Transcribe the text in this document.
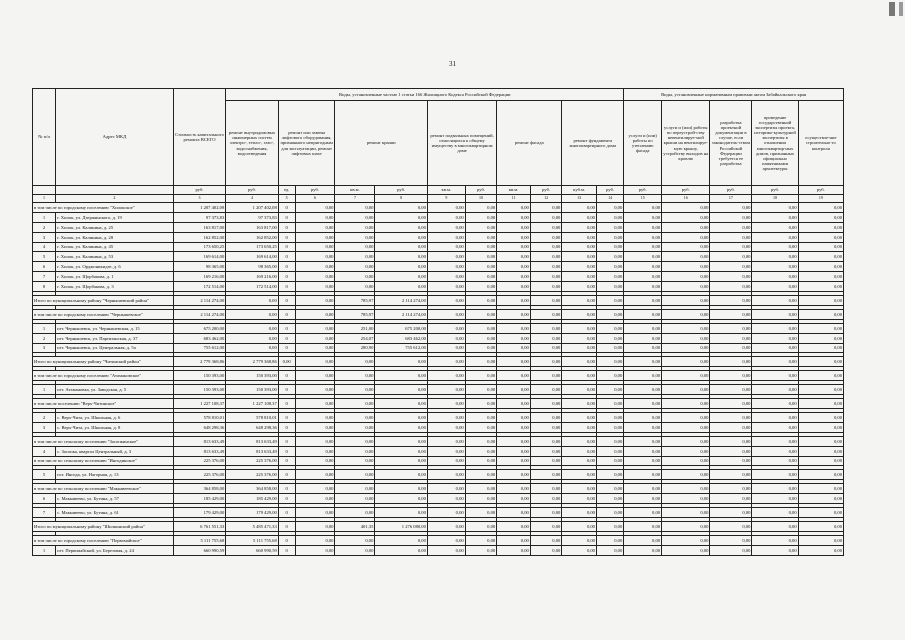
31
№ п/п	Адрес МКД	Стоимость капитального ремонта ВСЕГО	Виды, установленные частью 1 статьи 166 Жилищного Кодекса Российской Федерации											Виды, установленные нормативным правовым актом Забайкальского края				
			ремонт внутридомовых инженерных систем электро-, тепло-, газо-, водоснабжения, водоотведения	ремонт или замена лифтового оборудования, признанного непригодным для эксплуатации, ремонт лифтовых шахт		ремонт крыши		ремонт подвальных помещений, относящихся к общему имуществу в многоквартирном доме		ремонт фасада		ремонт фундамента многоквартирного дома		услуги и (или) работы по утеплению фасада	услуги и (или) работы по переустрой-ству невентилируе-мой крыши на вентилируе-мую крышу, устройству выходов на кровлю	разработка проектной документации в случае, если законодатель-ством Российской Федерации требуется ее разработка	проведение государственной экспертизы проекта, историко-культурной экспертизы в отношении многоквартир-ных домов, признанных официально памятниками архитектуры	осуществле-ние строительно-го контроля
		руб.	руб.	ед.	руб.	кв.м.	руб.	кв.м.	руб.	кв.м.	руб.	куб.м.	руб.	руб.	руб.	руб.	руб.	руб.
1	2	3	4	5	6	7	8	9	10	11	12	13	14	15	16	17	18	19
в том числе по городскому поселению "Хилокское"		1 207 402,08	1 207 402,08	0	0,00	0,00	0,00	0,00	0,00	0,00	0,00	0,00	0,00	0,00	0,00	0,00	0,00	0,00
1	г. Хилок, ул. Дзержинского, д. 19	97 373,83	97 373,83	0	0,00	0,00	0,00	0,00	0,00	0,00	0,00	0,00	0,00	0,00	0,00	0,00	0,00	0,00
2	г. Хилок, ул. Калинина, д. 25	163 817,00	163 817,00	0	0,00	0,00	0,00	0,00	0,00	0,00	0,00	0,00	0,00	0,00	0,00	0,00	0,00	0,00
3	г. Хилок, ул. Калинина, д. 28	162 852,00	162 852,00	0	0,00	0,00	0,00	0,00	0,00	0,00	0,00	0,00	0,00	0,00	0,00	0,00	0,00	0,00
4	г. Хилок, ул. Калинина, д. 45	173 650,25	173 650,25	0	0,00	0,00	0,00	0,00	0,00	0,00	0,00	0,00	0,00	0,00	0,00	0,00	0,00	0,00
5	г. Хилок, ул. Калинина, д. 53	169 614,00	169 614,00	0	0,00	0,00	0,00	0,00	0,00	0,00	0,00	0,00	0,00	0,00	0,00	0,00	0,00	0,00
6	г. Хилок, ул. Орджоникидзе, д. 6	98 365,00	98 365,00	0	0,00	0,00	0,00	0,00	0,00	0,00	0,00	0,00	0,00	0,00	0,00	0,00	0,00	0,00
7	г. Хилок, ул. Щорбакова, д. 1	169 216,00	169 216,00	0	0,00	0,00	0,00	0,00	0,00	0,00	0,00	0,00	0,00	0,00	0,00	0,00	0,00	0,00
8	г. Хилок, ул. Щорбакова, д. 3	172 514,00	172 514,00	0	0,00	0,00	0,00	0,00	0,00	0,00	0,00	0,00	0,00	0,00	0,00	0,00	0,00	0,00

Итого по муниципальному району "Чернышевский район"		2 114 274,00	0,00	0	0,00	785,97	2 114 274,00	0,00	0,00	0,00	0,00	0,00	0,00	0,00	0,00	0,00	0,00	0,00

в том числе по городскому поселению "Чернышевское"		2 114 274,00	0,00	0	0,00	785,97	2 114 274,00	0,00	0,00	0,00	0,00	0,00	0,00	0,00	0,00	0,00	0,00	0,00

1	пгт. Чернышевск, ул. Чернышевская, д. 15	675 200,00	0,00	0	0,00	251,00	675 200,00	0,00	0,00	0,00	0,00	0,00	0,00	0,00	0,00	0,00	0,00	0,00
2	пгт. Чернышевск, ул. Партизанская, д. 37	683 462,00	0,00	0	0,00	254,07	683 462,00	0,00	0,00	0,00	0,00	0,00	0,00	0,00	0,00	0,00	0,00	0,00
3	пгт. Чернышевск, ул. Центральная, д. 5а	755 612,00	0,00	0	0,00	280,90	755 612,00	0,00	0,00	0,00	0,00	0,00	0,00	0,00	0,00	0,00	0,00	0,00

Итого по муниципальному району "Читинский район"		2 779 368,86	2 779 368,86	0,00	0,00	0,00	0,00	0,00	0,00	0,00	0,00	0,00	0,00	0,00	0,00	0,00	0,00	0,00

в том числе по городскому поселению "Атамановское"		150 393,00	150 393,00	0	0,00	0,00	0,00	0,00	0,00	0,00	0,00	0,00	0,00	0,00	0,00	0,00	0,00	0,00

1	пгт. Атамановка, ул. Заводская, д. 5	150 393,00	150 393,00	0	0,00	0,00	0,00	0,00	0,00	0,00	0,00	0,00	0,00	0,00	0,00	0,00	0,00	0,00

в том числе поселению "Верх-Читинское"		1 227 108,37	1 227 108,37	0	0,00	0,00	0,00	0,00	0,00	0,00	0,00	0,00	0,00	0,00	0,00	0,00	0,00	0,00

2	с. Верх-Чита, ул. Школьная, д. 6	578 810,01	578 810,01	0	0,00	0,00	0,00	0,00	0,00	0,00	0,00	0,00	0,00	0,00	0,00	0,00	0,00	0,00
3	с. Верх-Чита, ул. Школьная, д. 8	648 298,36	648 298,36	0	0,00	0,00	0,00	0,00	0,00	0,00	0,00	0,00	0,00	0,00	0,00	0,00	0,00	0,00

в том числе по сельскому поселению "Засопкинское"		813 633,49	813 633,49	0	0,00	0,00	0,00	0,00	0,00	0,00	0,00	0,00	0,00	0,00	0,00	0,00	0,00	0,00
4	с. Засопка, квартал Центральный, д. 3	813 633,49	813 633,49	0	0,00	0,00	0,00	0,00	0,00	0,00	0,00	0,00	0,00	0,00	0,00	0,00	0,00	0,00
в том числе по сельскому поселению "Ингодинское"		225 376,00	225 376,00	0	0,00	0,00	0,00	0,00	0,00	0,00	0,00	0,00	0,00	0,00	0,00	0,00	0,00	0,00

5	пст. Ингода, ул. Нагорная, д. 13	225 376,00	225 376,00	0	0,00	0,00	0,00	0,00	0,00	0,00	0,00	0,00	0,00	0,00	0,00	0,00	0,00	0,00

в том числе по сельскому поселению "Маккавеевское"		364 858,00	364 858,00	0	0,00	0,00	0,00	0,00	0,00	0,00	0,00	0,00	0,00	0,00	0,00	0,00	0,00	0,00
6	с. Маккавеево, ул. Бутина, д. 57	185 429,00	185 429,00	0	0,00	0,00	0,00	0,00	0,00	0,00	0,00	0,00	0,00	0,00	0,00	0,00	0,00	0,00

7	с. Маккавеево, ул. Бутина, д. 61	179 429,00	179 429,00	0	0,00	0,00	0,00	0,00	0,00	0,00	0,00	0,00	0,00	0,00	0,00	0,00	0,00	0,00

Итого по муниципальному району "Шилкинский район"		6 761 551,33	5 485 471,33	0	0,00	401,35	1 276 080,00	0,00	0,00	0,00	0,00	0,00	0,00	0,00	0,00	0,00	0,00	0,00

в том числе по городскому поселению "Первомайское"		5 111 755,68	5 111 755,68	0	0,00	0,00	0,00	0,00	0,00	0,00	0,00	0,00	0,00	0,00	0,00	0,00	0,00	0,00
1	пгт. Первомайский, ул. Березовая, д. 24	660 990,59	660 990,59	0	0,00	0,00	0,00	0,00	0,00	0,00	0,00	0,00	0,00	0,00	0,00	0,00	0,00	0,00
